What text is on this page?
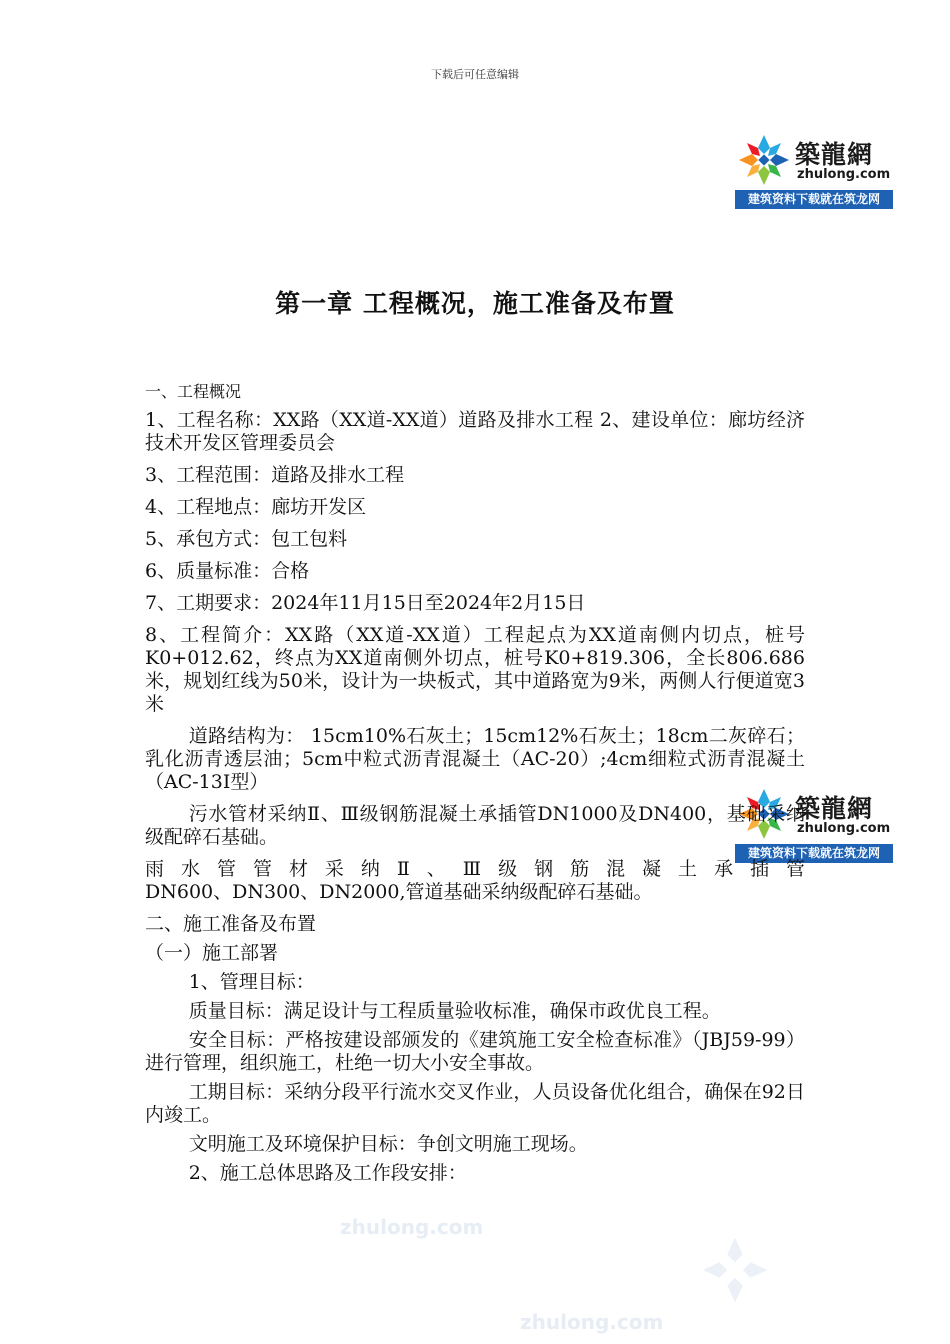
下载后可任意编辑
築龍網
zhulong.com
建筑资料下载就在筑龙网
築龍網
zhulong.com
建筑资料下载就在筑龙网
zhulong.com
zhulong.com
第一章 工程概况，施工准备及布置
一、工程概况
1、工程名称：XX路（XX道-XX道）道路及排水工程 2、建设单位：廊坊经济技术开发区管理委员会
3、工程范围：道路及排水工程
4、工程地点：廊坊开发区
5、承包方式：包工包料
6、质量标准：合格
7、工期要求：2024年11月15日至2024年2月15日
8、工程简介：XX路（XX道-XX道）工程起点为XX道南侧内切点，桩号K0+012.62，终点为XX道南侧外切点，桩号K0+819.306，全长806.686米，规划红线为50米，设计为一块板式，其中道路宽为9米，两侧人行便道宽3米
道路结构为： 15cm10%石灰土；15cm12%石灰土；18cm二灰碎石；乳化沥青透层油；5cm中粒式沥青混凝土（AC-20）;4cm细粒式沥青混凝土（AC-13Ⅰ型）
污水管材采纳Ⅱ、Ⅲ级钢筋混凝土承插管DN1000及DN400，基础采纳级配碎石基础。
雨 水 管 管 材 采 纳 Ⅱ 、 Ⅲ 级 钢 筋 混 凝 土 承 插 管
DN600、DN300、DN2000,管道基础采纳级配碎石基础。
二、施工准备及布置
（一）施工部署
1、管理目标：
质量目标：满足设计与工程质量验收标准，确保市政优良工程。
安全目标：严格按建设部颁发的《建筑施工安全检查标准》（JBJ59-99）进行管理，组织施工，杜绝一切大小安全事故。
工期目标：采纳分段平行流水交叉作业，人员设备优化组合，确保在92日内竣工。
文明施工及环境保护目标：争创文明施工现场。
2、施工总体思路及工作段安排：
